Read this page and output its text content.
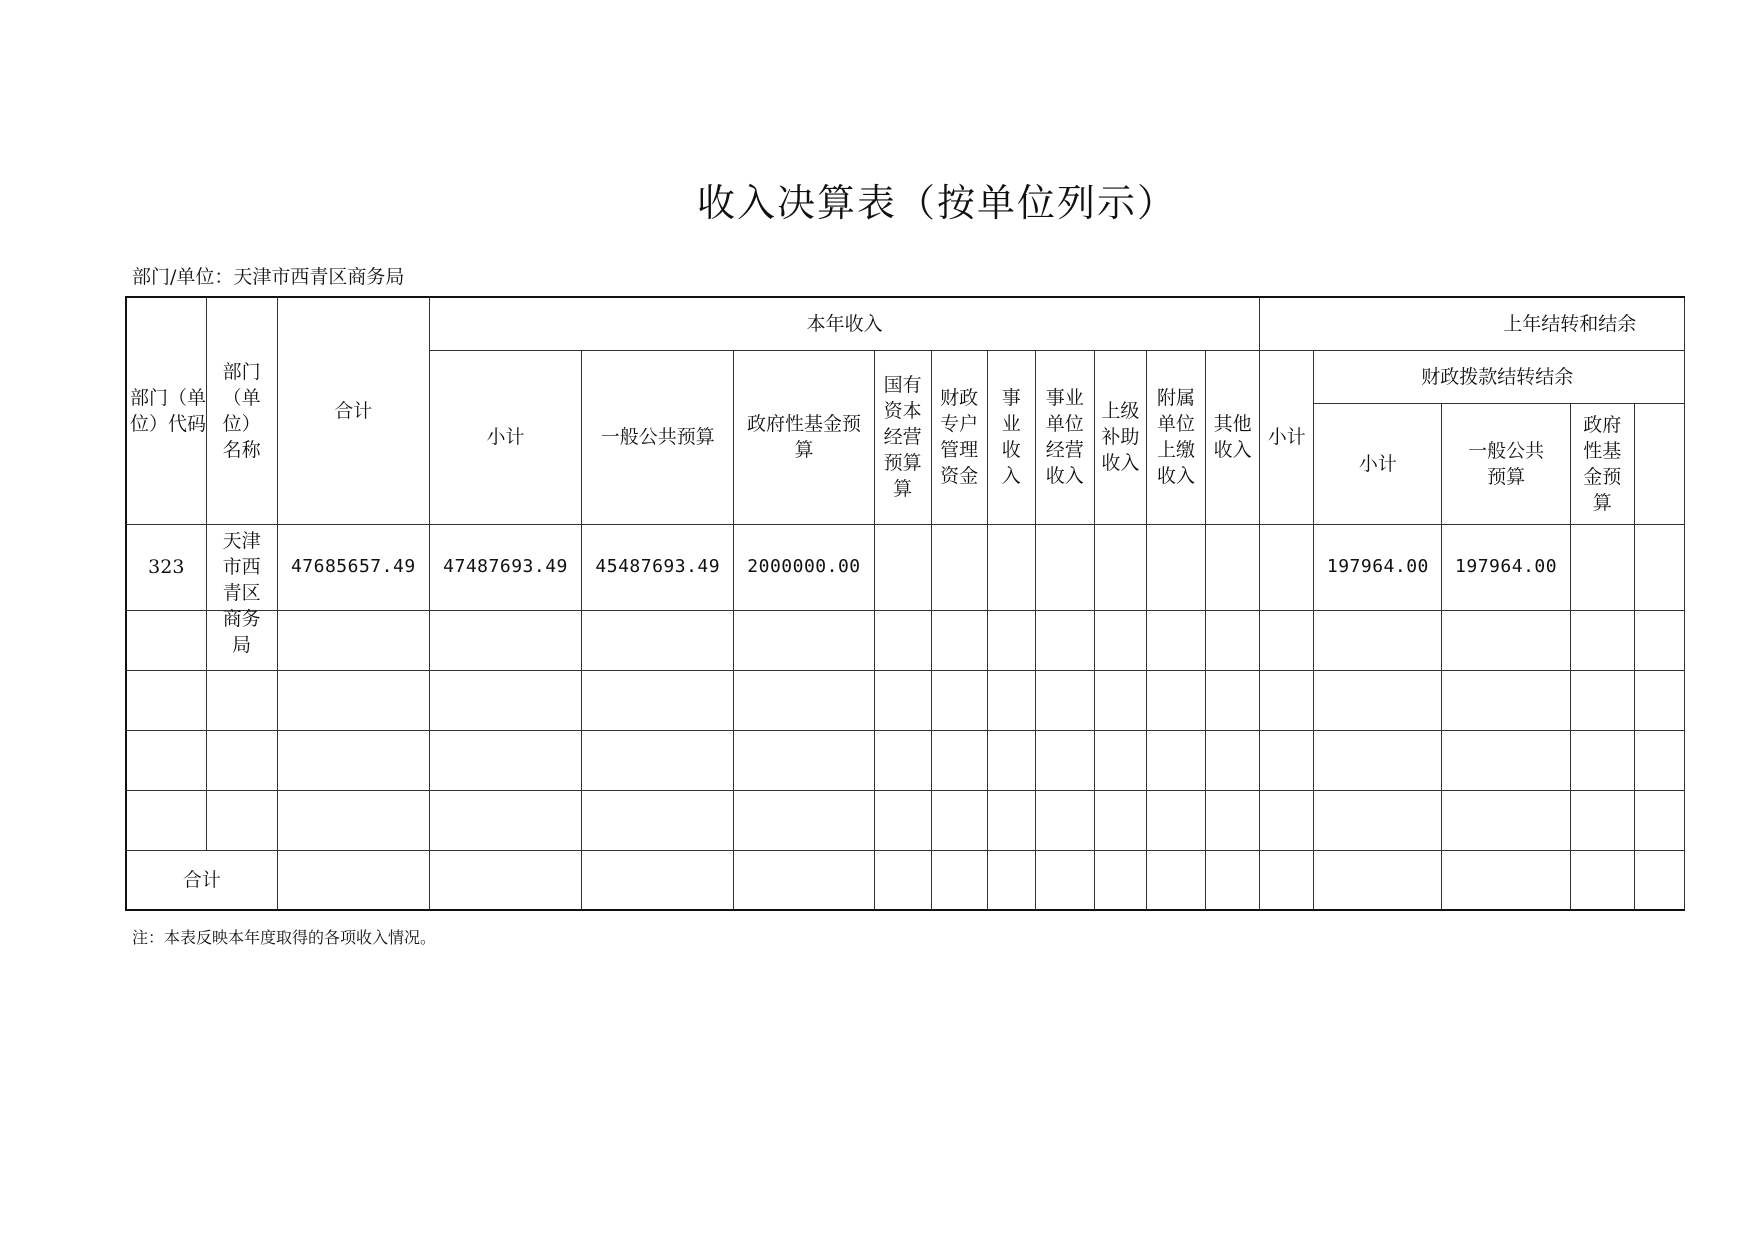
收入决算表（按单位列示）
部门/单位：天津市西青区商务局
部门（单位）代码	部门（单位）名称	合计	本年收入										上年结转和结余				
			小计	一般公共预算	政府性基金预算	国有资本经营预算算	财政专户管理资金	事业收入	事业单位经营收入	上级补助收入	附属单位上缴收入	其他收入	小计	财政拨款结转结余			
														小计	一般公共预算	政府性基金预算	

323	天津市西青区商务局	47685657.49	47487693.49	45487693.49	2000000.00									197964.00	197964.00		

合计																	
注：本表反映本年度取得的各项收入情况。
